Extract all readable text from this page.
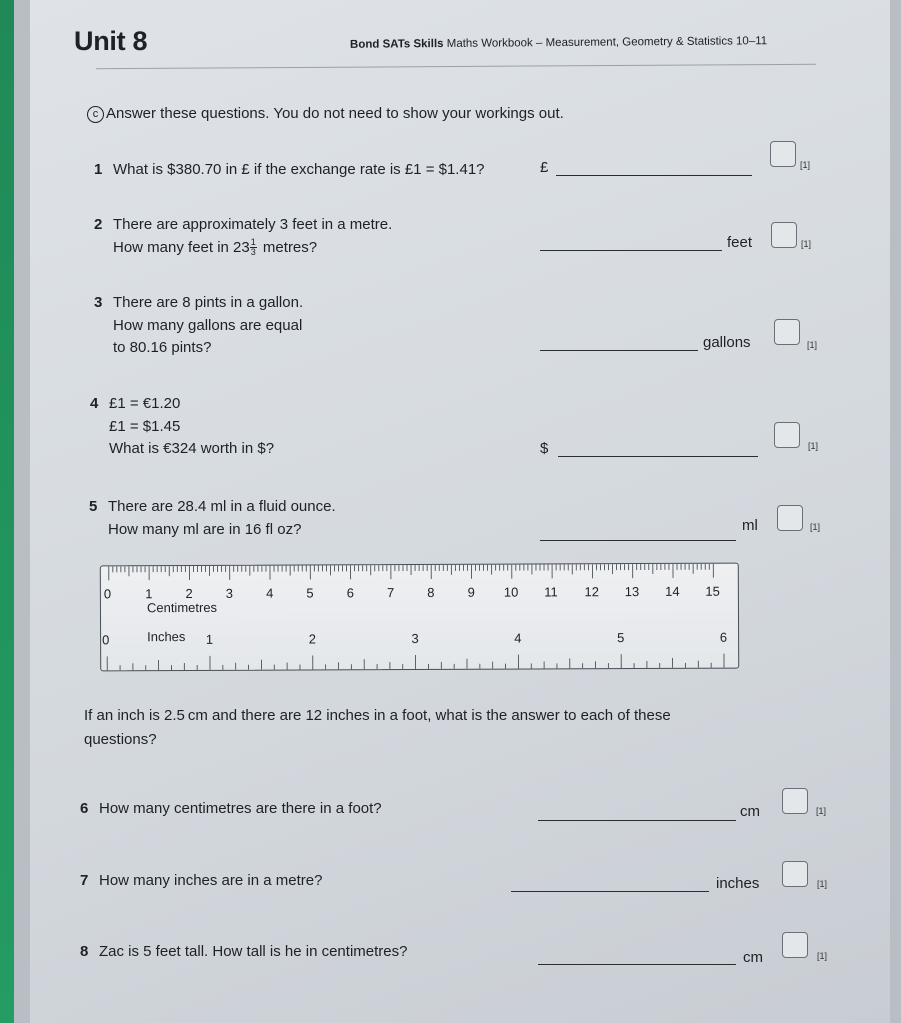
Unit 8	Bond SATs Skills Maths Workbook – Measurement, Geometry & Statistics 10–11
c Answer these questions. You do not need to show your workings out.
1 What is $380.70 in £ if the exchange rate is £1 = $1.41?	£	[1]
2 There are approximately 3 feet in a metre.
How many feet in $23 \frac{1}{3}$ metres?	feet	[1]
3 There are 8 pints in a gallon.
How many gallons are equal
to 80.16 pints?	gallons	[1]
4 £1 = €1.20
£1 = $1.45
What is €324 worth in $?	$	[1]
5 There are 28.4 ml in a fluid ounce.
How many ml are in 16 fl oz?	ml	[1]
Centimetres
Inches
0	1	2	3	4	5	6	7	8	9 10 11 12 13 14 15
0	1	2	3	4	5	6
If an inch is 2.5 cm and there are 12 inches in a foot, what is the answer to each of these questions?
6 How many centimetres are there in a foot?	cm	[1]
7 How many inches are in a metre?	inches	[1]
8 Zac is 5 feet tall. How tall is he in centimetres?	cm	[1]
